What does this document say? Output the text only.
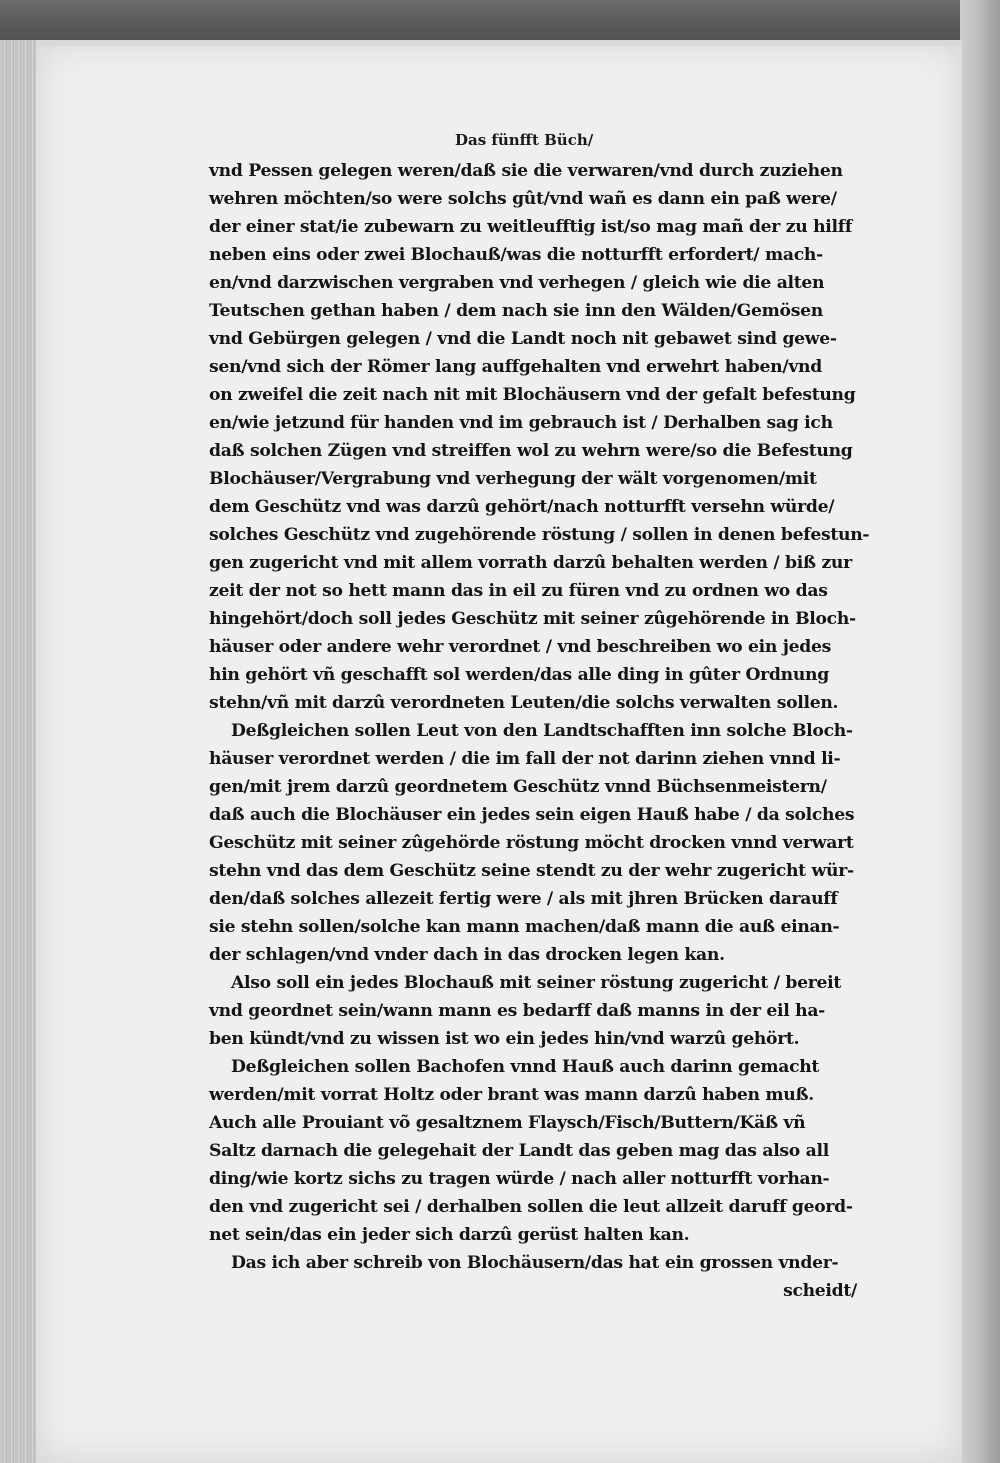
Das fünfft Büch/
vnd Pessen gelegen weren/daß sie die verwaren/vnd durch zuziehen
wehren möchten/so were solchs gût/vnd wañ es dann ein paß were/
der einer stat/ie zubewarn zu weitleufftig ist/so mag mañ der zu hilff
neben eins oder zwei Blochauß/was die notturfft erfordert/ mach-
en/vnd darzwischen vergraben vnd verhegen / gleich wie die alten
Teutschen gethan haben / dem nach sie inn den Wälden/Gemösen
vnd Gebürgen gelegen / vnd die Landt noch nit gebawet sind gewe-
sen/vnd sich der Römer lang auffgehalten vnd erwehrt haben/vnd
on zweifel die zeit nach nit mit Blochäusern vnd der gefalt befestung
en/wie jetzund für handen vnd im gebrauch ist / Derhalben sag ich
daß solchen Zügen vnd streiffen wol zu wehrn were/so die Befestung
Blochäuser/Vergrabung vnd verhegung der wält vorgenomen/mit
dem Geschütz vnd was darzû gehört/nach notturfft versehn würde/
solches Geschütz vnd zugehörende röstung / sollen in denen befestun-
gen zugericht vnd mit allem vorrath darzû behalten werden / biß zur
zeit der not so hett mann das in eil zu füren vnd zu ordnen wo das
hingehört/doch soll jedes Geschütz mit seiner zûgehörende in Bloch-
häuser oder andere wehr verordnet / vnd beschreiben wo ein jedes
hin gehört vñ geschafft sol werden/das alle ding in gûter Ordnung
stehn/vñ mit darzû verordneten Leuten/die solchs verwalten sollen.
Deßgleichen sollen Leut von den Landtschafften inn solche Bloch-
häuser verordnet werden / die im fall der not darinn ziehen vnnd li-
gen/mit jrem darzû geordnetem Geschütz vnnd Büchsenmeistern/
daß auch die Blochäuser ein jedes sein eigen Hauß habe / da solches
Geschütz mit seiner zûgehörde röstung möcht drocken vnnd verwart
stehn vnd das dem Geschütz seine stendt zu der wehr zugericht wür-
den/daß solches allezeit fertig were / als mit jhren Brücken darauff
sie stehn sollen/solche kan mann machen/daß mann die auß einan-
der schlagen/vnd vnder dach in das drocken legen kan.
Also soll ein jedes Blochauß mit seiner röstung zugericht / bereit
vnd geordnet sein/wann mann es bedarff daß manns in der eil ha-
ben kündt/vnd zu wissen ist wo ein jedes hin/vnd warzû gehört.
Deßgleichen sollen Bachofen vnnd Hauß auch darinn gemacht
werden/mit vorrat Holtz oder brant was mann darzû haben muß.
Auch alle Prouiant võ gesaltznem Flaysch/Fisch/Buttern/Käß vñ
Saltz darnach die gelegehait der Landt das geben mag das also all
ding/wie kortz sichs zu tragen würde / nach aller notturfft vorhan-
den vnd zugericht sei / derhalben sollen die leut allzeit daruff geord-
net sein/das ein jeder sich darzû gerüst halten kan.
Das ich aber schreib von Blochäusern/das hat ein grossen vnder-
scheidt/
